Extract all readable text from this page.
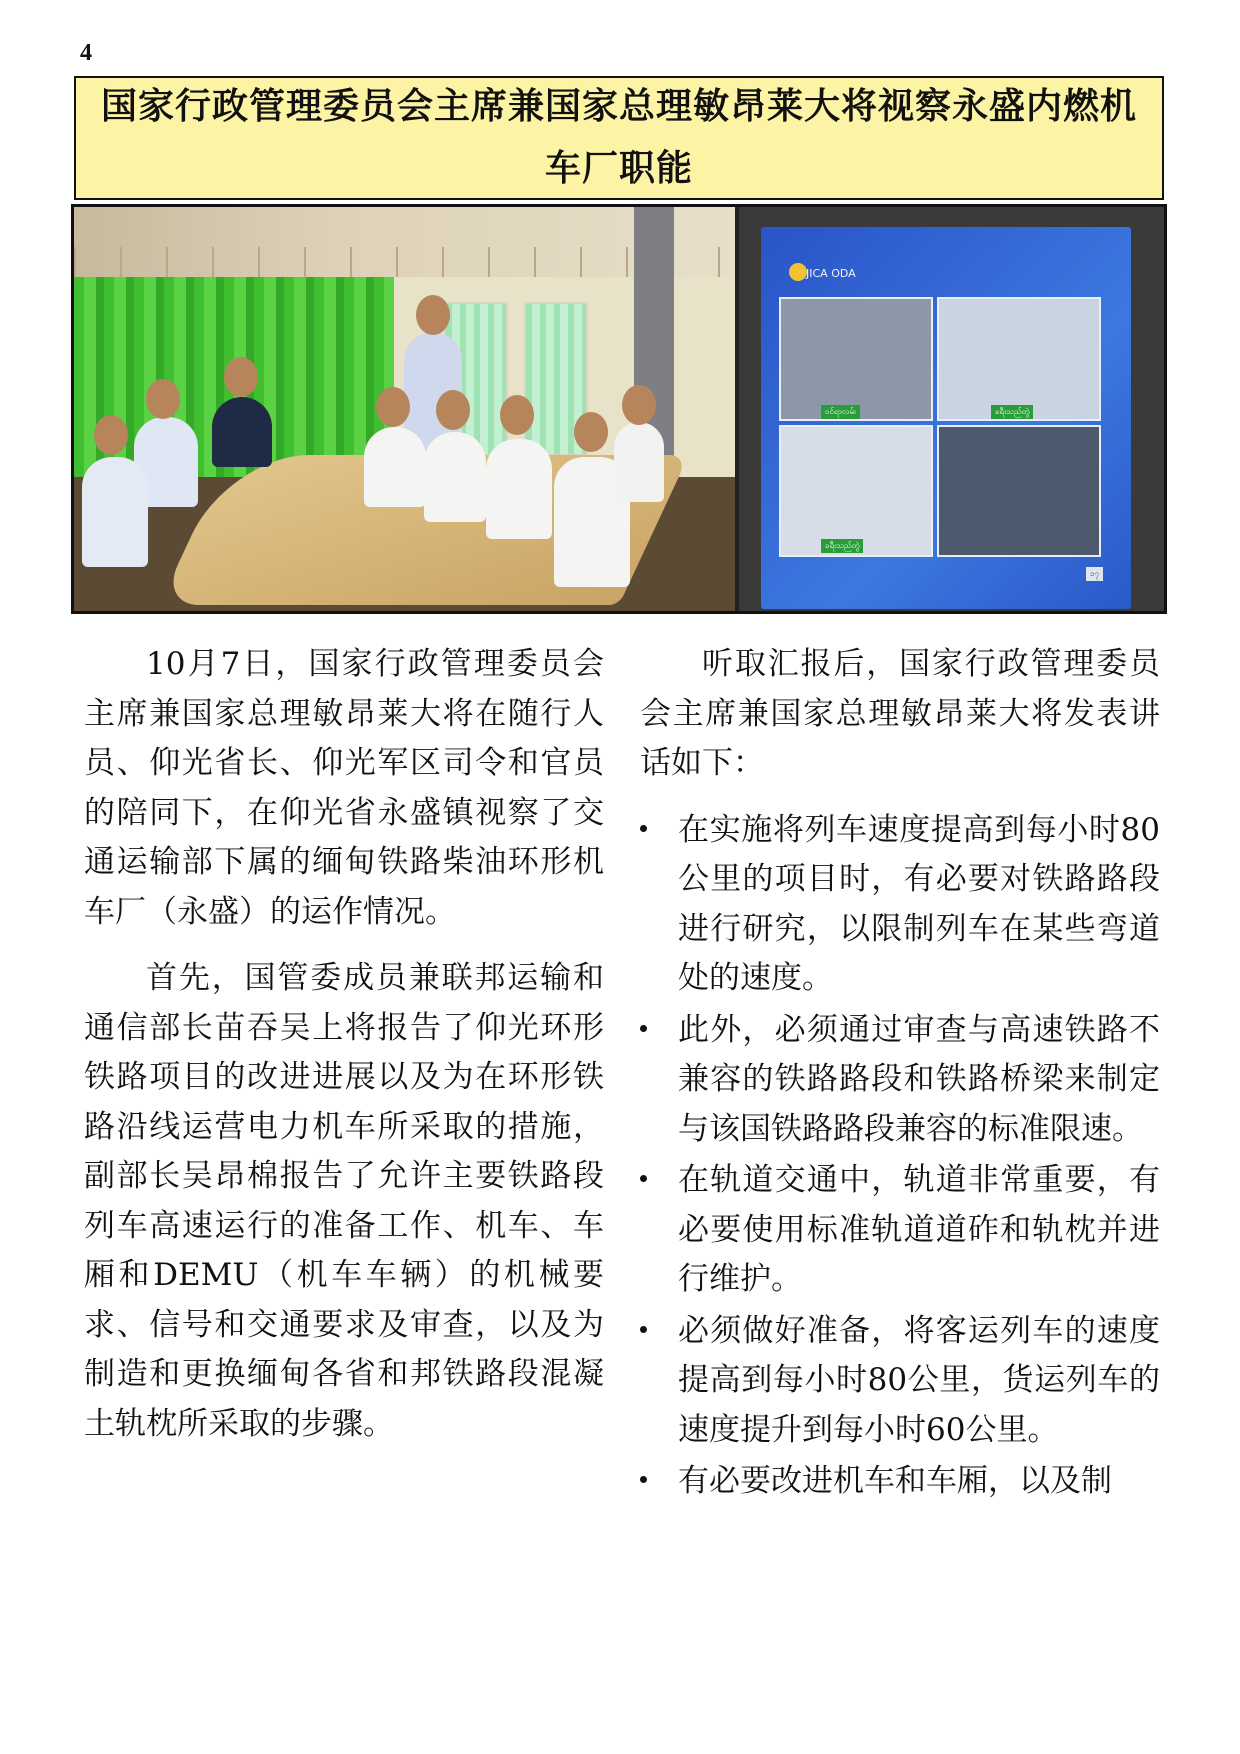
4
国家行政管理委员会主席兼国家总理敏昂莱大将视察永盛内燃机车厂职能
JICA ODA
ဝင်ရာလမ်း	ခရီးသည်တွဲ
ခရီးသည်တွဲ
၁၇

10月7日，国家行政管理委员会主席兼国家总理敏昂莱大将在随行人员、仰光省长、仰光军区司令和官员的陪同下，在仰光省永盛镇视察了交通运输部下属的缅甸铁路柴油环形机车厂（永盛）的运作情况。

首先，国管委成员兼联邦运输和通信部长苗吞吴上将报告了仰光环形铁路项目的改进进展以及为在环形铁路沿线运营电力机车所采取的措施，副部长吴昂棉报告了允许主要铁路段列车高速运行的准备工作、机车、车厢和DEMU（机车车辆）的机械要求、信号和交通要求及审查，以及为制造和更换缅甸各省和邦铁路段混凝土轨枕所采取的步骤。

听取汇报后，国家行政管理委员会主席兼国家总理敏昂莱大将发表讲话如下：

在实施将列车速度提高到每小时80公里的项目时，有必要对铁路路段进行研究，以限制列车在某些弯道处的速度。
此外，必须通过审查与高速铁路不兼容的铁路路段和铁路桥梁来制定与该国铁路路段兼容的标准限速。
在轨道交通中，轨道非常重要，有必要使用标准轨道道砟和轨枕并进行维护。
必须做好准备，将客运列车的速度提高到每小时80公里，货运列车的速度提升到每小时60公里。
有必要改进机车和车厢，以及制
